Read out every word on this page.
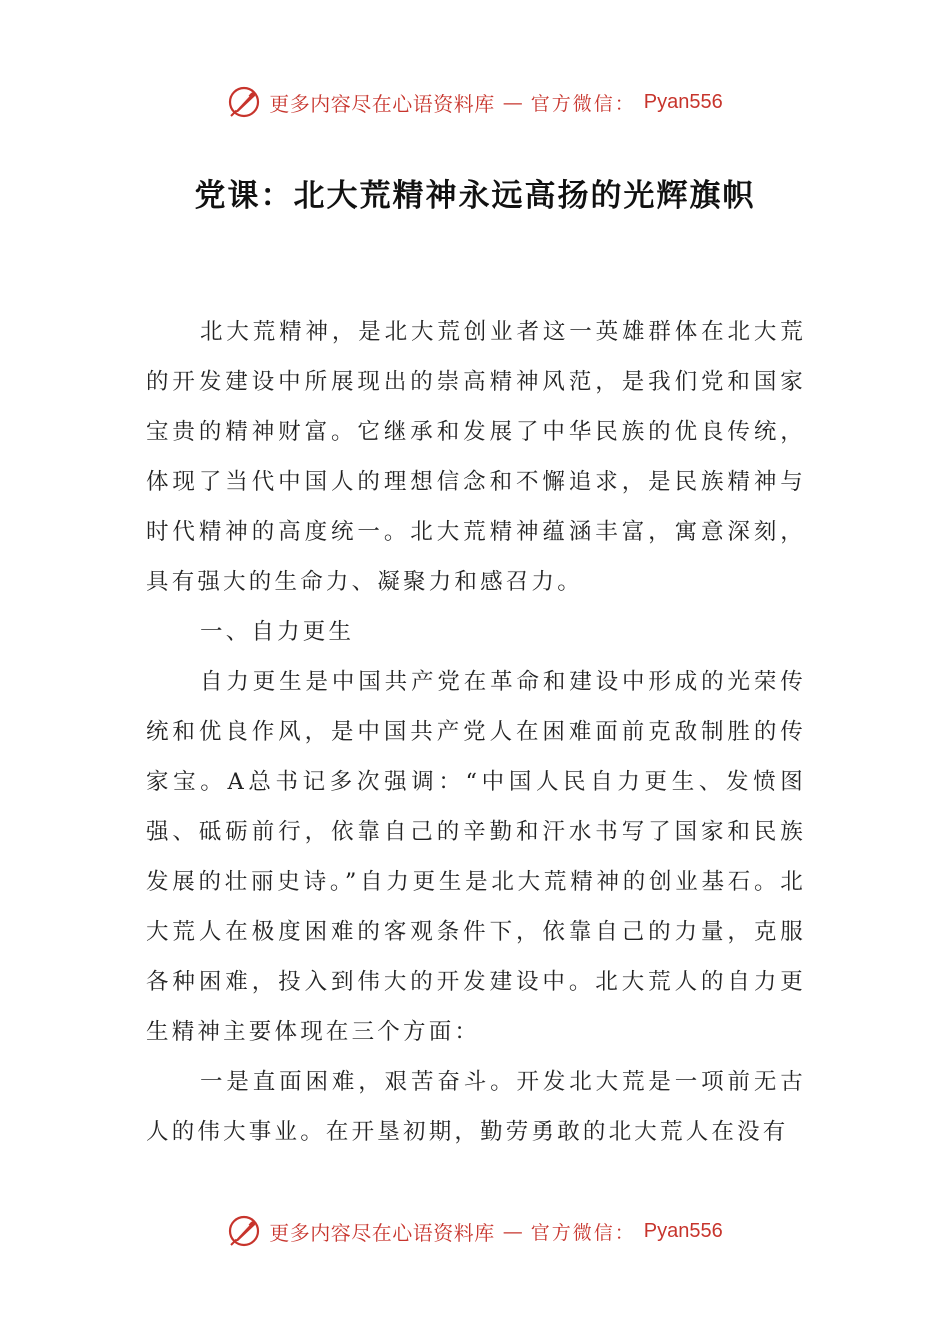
更多内容尽在心语资料库 — 官方微信： Pyan556
党课：北大荒精神永远高扬的光辉旗帜

北大荒精神，是北大荒创业者这一英雄群体在北大荒的开发建设中所展现出的崇高精神风范，是我们党和国家宝贵的精神财富。它继承和发展了中华民族的优良传统，体现了当代中国人的理想信念和不懈追求，是民族精神与时代精神的高度统一。北大荒精神蕴涵丰富，寓意深刻，具有强大的生命力、凝聚力和感召力。

一、自力更生

自力更生是中国共产党在革命和建设中形成的光荣传统和优良作风，是中国共产党人在困难面前克敌制胜的传家宝。A总书记多次强调：“中国人民自力更生、发愤图强、砥砺前行，依靠自己的辛勤和汗水书写了国家和民族发展的壮丽史诗。”自力更生是北大荒精神的创业基石。北大荒人在极度困难的客观条件下，依靠自己的力量，克服各种困难，投入到伟大的开发建设中。北大荒人的自力更生精神主要体现在三个方面：

一是直面困难，艰苦奋斗。开发北大荒是一项前无古人的伟大事业。在开垦初期，勤劳勇敢的北大荒人在没有

更多内容尽在心语资料库 — 官方微信： Pyan556
